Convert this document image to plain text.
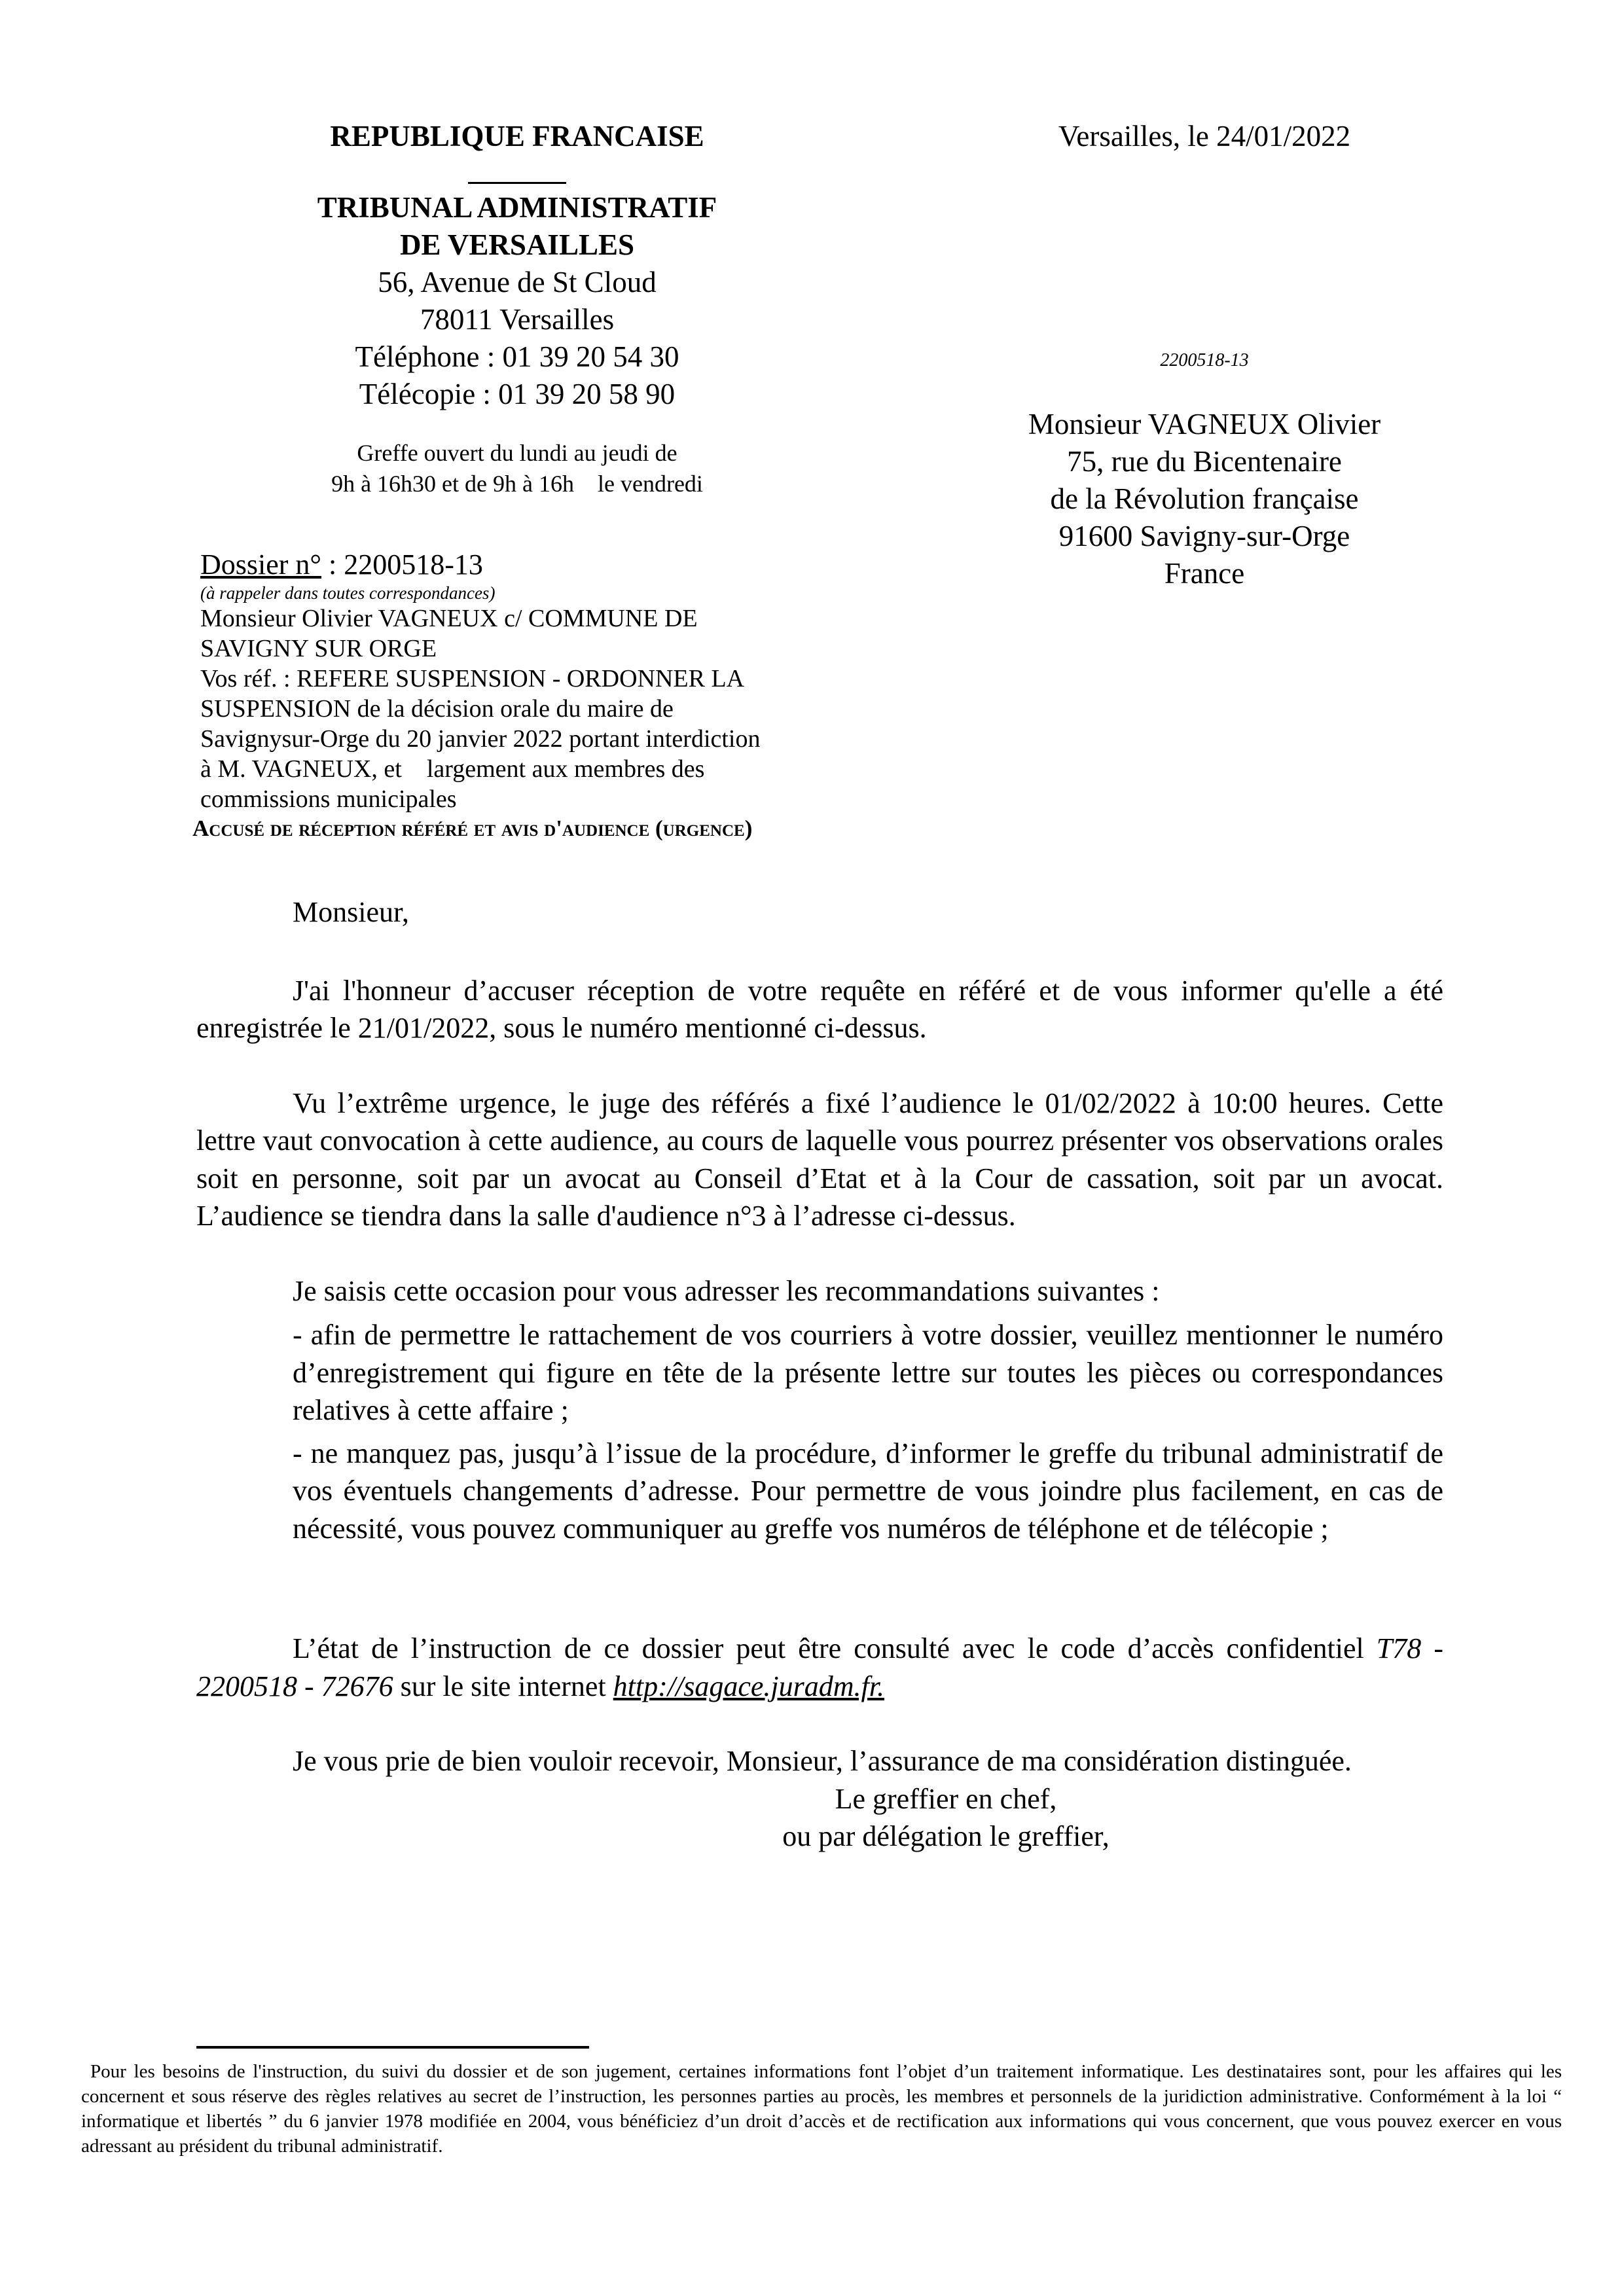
REPUBLIQUE FRANCAISE
TRIBUNAL ADMINISTRATIF
DE VERSAILLES
56, Avenue de St Cloud
78011 Versailles
Téléphone : 01 39 20 54 30
Télécopie : 01 39 20 58 90
Greffe ouvert du lundi au jeudi de
9h à 16h30 et de 9h à 16h    le vendredi
Versailles, le 24/01/2022
2200518-13
Monsieur VAGNEUX Olivier
75, rue du Bicentenaire
de la Révolution française
91600 Savigny-sur-Orge
France
Dossier n° : 2200518-13
(à rappeler dans toutes correspondances)
Monsieur Olivier VAGNEUX c/ COMMUNE DE
SAVIGNY SUR ORGE
Vos réf. : REFERE SUSPENSION - ORDONNER LA
SUSPENSION de la décision orale du maire de
Savignysur-Orge du 20 janvier 2022 portant interdiction
à M. VAGNEUX, et    largement aux membres des
commissions municipales
Accusé de réception référé et avis d'audience (urgence)
Monsieur,

J'ai l'honneur d’accuser réception de votre requête en référé et de vous informer qu'elle a été enregistrée le 21/01/2022, sous le numéro mentionné ci-dessus.

Vu l’extrême urgence, le juge des référés a fixé l’audience le 01/02/2022 à 10:00 heures. Cette lettre vaut convocation à cette audience, au cours de laquelle vous pourrez présenter vos observations orales soit en personne, soit par un avocat au Conseil d’Etat et à la Cour de cassation, soit par un avocat. L’audience se tiendra dans la salle d'audience n°3 à l’adresse ci-dessus.

Je saisis cette occasion pour vous adresser les recommandations suivantes :

- afin de permettre le rattachement de vos courriers à votre dossier, veuillez mentionner le numéro d’enregistrement qui figure en tête de la présente lettre sur toutes les pièces ou correspondances relatives à cette affaire ;

- ne manquez pas, jusqu’à l’issue de la procédure, d’informer le greffe du tribunal administratif de vos éventuels changements d’adresse. Pour permettre de vous joindre plus facilement, en cas de nécessité, vous pouvez communiquer au greffe vos numéros de téléphone et de télécopie ;

L’état de l’instruction de ce dossier peut être consulté avec le code d’accès confidentiel T78 - 2200518 - 72676 sur le site internet http://sagace.juradm.fr.

Je vous prie de bien vouloir recevoir, Monsieur, l’assurance de ma considération distinguée.

Le greffier en chef,
ou par délégation le greffier,

Pour les besoins de l'instruction, du suivi du dossier et de son jugement, certaines informations font l’objet d’un traitement informatique. Les destinataires sont, pour les affaires qui les concernent et sous réserve des règles relatives au secret de l’instruction, les personnes parties au procès, les membres et personnels de la juridiction administrative. Conformément à la loi “ informatique et libertés ” du 6 janvier 1978 modifiée en 2004, vous bénéficiez d’un droit d’accès et de rectification aux informations qui vous concernent, que vous pouvez exercer en vous adressant au président du tribunal administratif.
